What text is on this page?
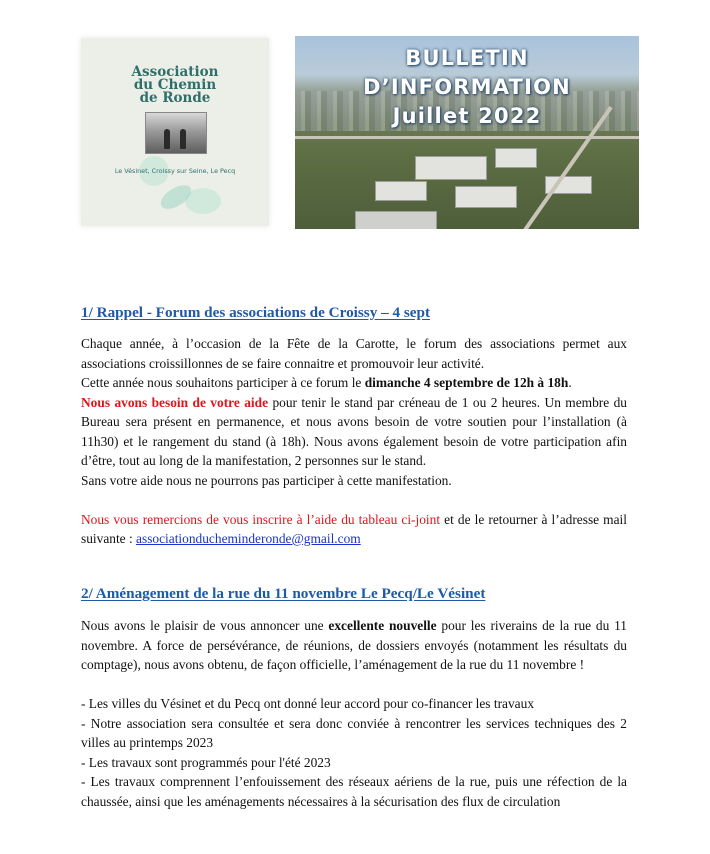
Association
du Chemin
de Ronde
Le Vésinet, Croissy sur Seine, Le Pecq
BULLETIN
D’INFORMATION
Juillet 2022
1/ Rappel - Forum des associations de Croissy – 4 sept

Chaque année, à l’occasion de la Fête de la Carotte, le forum des associations permet aux associations croissillonnes de se faire connaitre et promouvoir leur activité.

Cette année nous souhaitons participer à ce forum le dimanche 4 septembre de 12h à 18h.

Nous avons besoin de votre aide pour tenir le stand par créneau de 1 ou 2 heures. Un membre du Bureau sera présent en permanence, et nous avons besoin de votre soutien pour l’installation (à 11h30) et le rangement du stand (à 18h). Nous avons également besoin de votre participation afin d’être, tout au long de la manifestation, 2 personnes sur le stand.

Sans votre aide nous ne pourrons pas participer à cette manifestation.

Nous vous remercions de vous inscrire à l’aide du tableau ci-joint et de le retourner à l’adresse mail suivante : associationducheminderonde@gmail.com

2/ Aménagement de la rue du 11 novembre Le Pecq/Le Vésinet

Nous avons le plaisir de vous annoncer une excellente nouvelle pour les riverains de la rue du 11 novembre. A force de persévérance, de réunions, de dossiers envoyés (notamment les résultats du comptage), nous avons obtenu, de façon officielle, l’aménagement de la rue du 11 novembre !

- Les villes du Vésinet et du Pecq ont donné leur accord pour co-financer les travaux

- Notre association sera consultée et sera donc conviée à rencontrer les services techniques des 2 villes au printemps 2023

- Les travaux sont programmés pour l'été 2023

- Les travaux comprennent l’enfouissement des réseaux aériens de la rue, puis une réfection de la chaussée, ainsi que les aménagements nécessaires à la sécurisation des flux de circulation
